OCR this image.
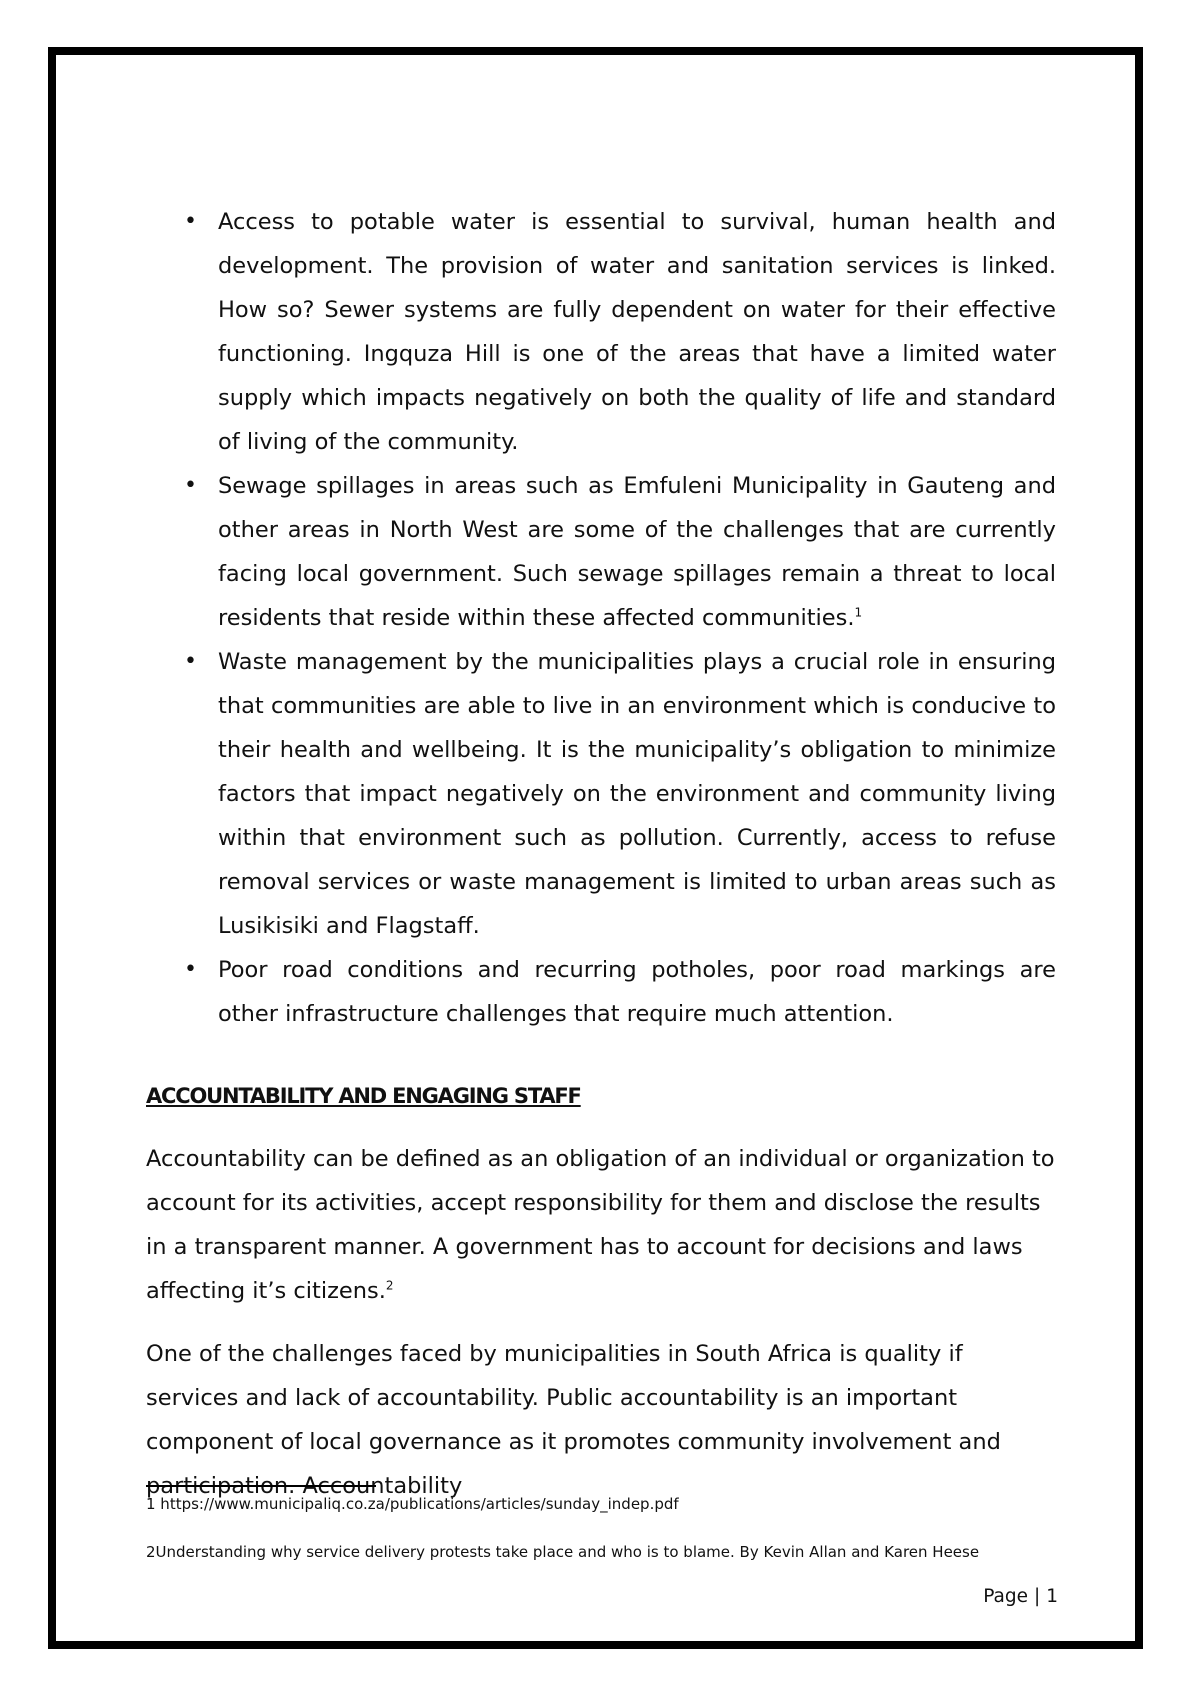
• Access to potable water is essential to survival, human health and development. The provision of water and sanitation services is linked. How so? Sewer systems are fully dependent on water for their effective functioning. Ingquza Hill is one of the areas that have a limited water supply which impacts negatively on both the quality of life and standard of living of the community.
• Sewage spillages in areas such as Emfuleni Municipality in Gauteng and other areas in North West are some of the challenges that are currently facing local government. Such sewage spillages remain a threat to local residents that reside within these affected communities.$^1$
• Waste management by the municipalities plays a crucial role in ensuring that communities are able to live in an environment which is conducive to their health and wellbeing. It is the municipality’s obligation to minimize factors that impact negatively on the environment and community living within that environment such as pollution. Currently, access to refuse removal services or waste management is limited to urban areas such as Lusikisiki and Flagstaff.
• Poor road conditions and recurring potholes, poor road markings are other infrastructure challenges that require much attention.
ACCOUNTABILITY AND ENGAGING STAFF

Accountability can be defined as an obligation of an individual or organization to account for its activities, accept responsibility for them and disclose the results in a transparent manner. A government has to account for decisions and laws affecting it’s citizens.$^2$

One of the challenges faced by municipalities in South Africa is quality if services and lack of accountability. Public accountability is an important component of local governance as it promotes community involvement and participation. Accountability

1 https://www.municipaliq.co.za/publications/articles/sunday_indep.pdf
2Understanding why service delivery protests take place and who is to blame. By Kevin Allan and Karen Heese
Page | 1
